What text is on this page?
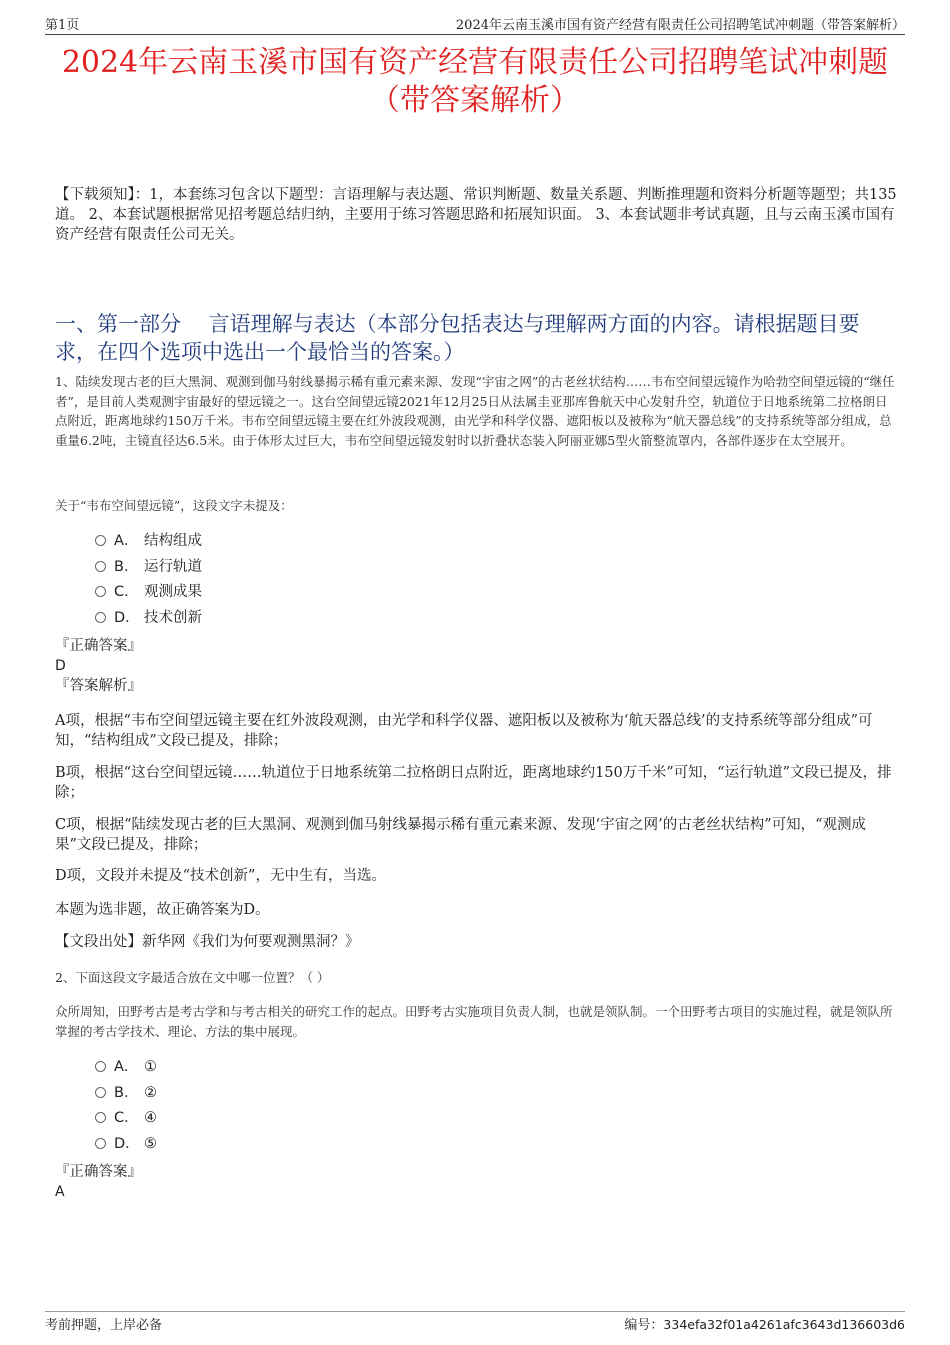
第1页	2024年云南玉溪市国有资产经营有限责任公司招聘笔试冲刺题（带答案解析）
2024年云南玉溪市国有资产经营有限责任公司招聘笔试冲刺题
（带答案解析）
【下载须知】：1，本套练习包含以下题型：言语理解与表达题、常识判断题、数量关系题、判断推理题和资料分析题等题型；共135道。 2、本套试题根据常见招考题总结归纳，主要用于练习答题思路和拓展知识面。 3、本套试题非考试真题，且与云南玉溪市国有资产经营有限责任公司无关。
一、第一部分　 言语理解与表达（本部分包括表达与理解两方面的内容。请根据题目要求，在四个选项中选出一个最恰当的答案。）
1、陆续发现古老的巨大黑洞、观测到伽马射线暴揭示稀有重元素来源、发现“宇宙之网”的古老丝状结构……韦布空间望远镜作为哈勃空间望远镜的“继任者”，是目前人类观测宇宙最好的望远镜之一。这台空间望远镜2021年12月25日从法属圭亚那库鲁航天中心发射升空，轨道位于日地系统第二拉格朗日点附近，距离地球约150万千米。韦布空间望远镜主要在红外波段观测，由光学和科学仪器、遮阳板以及被称为“航天器总线”的支持系统等部分组成，总重量6.2吨，主镜直径达6.5米。由于体形太过巨大，韦布空间望远镜发射时以折叠状态装入阿丽亚娜5型火箭整流罩内，各部件逐步在太空展开。
关于“韦布空间望远镜”，这段文字未提及：
A． 结构组成
B． 运行轨道
C． 观测成果
D． 技术创新
『正确答案』
D
『答案解析』
A项，根据“韦布空间望远镜主要在红外波段观测，由光学和科学仪器、遮阳板以及被称为‘航天器总线’的支持系统等部分组成”可知，“结构组成”文段已提及，排除；
B项，根据“这台空间望远镜……轨道位于日地系统第二拉格朗日点附近，距离地球约150万千米”可知，“运行轨道”文段已提及，排除；
C项，根据“陆续发现古老的巨大黑洞、观测到伽马射线暴揭示稀有重元素来源、发现‘宇宙之网’的古老丝状结构”可知，“观测成果”文段已提及，排除；
D项，文段并未提及“技术创新”，无中生有，当选。
本题为选非题，故正确答案为D。
【文段出处】新华网《我们为何要观测黑洞？》
2、下面这段文字最适合放在文中哪一位置？（ ）
众所周知，田野考古是考古学和与考古相关的研究工作的起点。田野考古实施项目负责人制，也就是领队制。一个田野考古项目的实施过程，就是领队所掌握的考古学技术、理论、方法的集中展现。
A． ①
B． ②
C． ④
D． ⑤
『正确答案』
A
考前押题，上岸必备	编号：334efa32f01a4261afc3643d136603d6
